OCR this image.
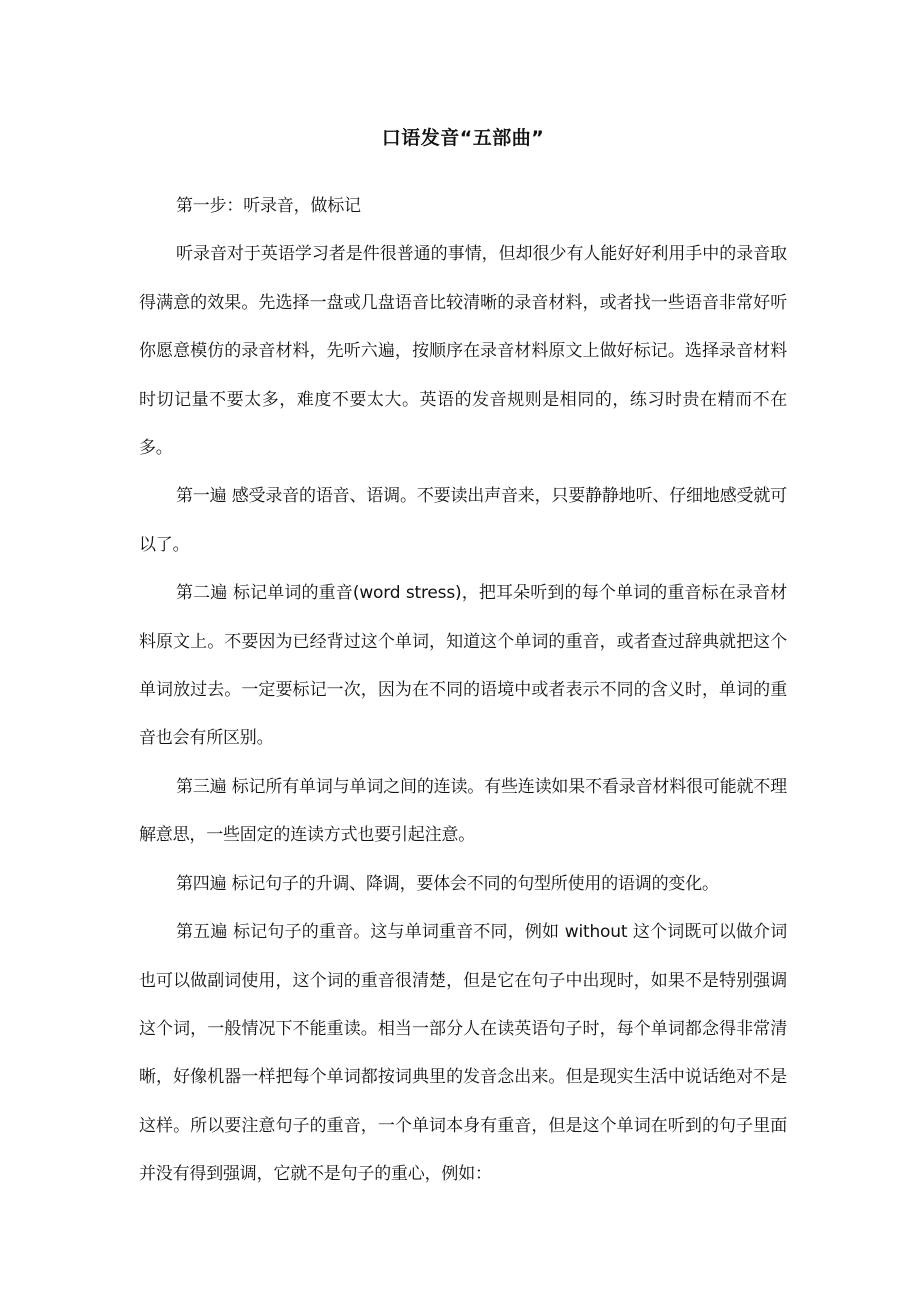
口语发音“五部曲”

第一步：听录音，做标记

听录音对于英语学习者是件很普通的事情，但却很少有人能好好利用手中的录音取得满意的效果。先选择一盘或几盘语音比较清晰的录音材料，或者找一些语音非常好听你愿意模仿的录音材料，先听六遍，按顺序在录音材料原文上做好标记。选择录音材料时切记量不要太多，难度不要太大。英语的发音规则是相同的，练习时贵在精而不在多。

第一遍 感受录音的语音、语调。不要读出声音来，只要静静地听、仔细地感受就可以了。

第二遍 标记单词的重音(word stress)，把耳朵听到的每个单词的重音标在录音材料原文上。不要因为已经背过这个单词，知道这个单词的重音，或者查过辞典就把这个单词放过去。一定要标记一次，因为在不同的语境中或者表示不同的含义时，单词的重音也会有所区别。

第三遍 标记所有单词与单词之间的连读。有些连读如果不看录音材料很可能就不理解意思，一些固定的连读方式也要引起注意。

第四遍 标记句子的升调、降调，要体会不同的句型所使用的语调的变化。

第五遍 标记句子的重音。这与单词重音不同，例如 without 这个词既可以做介词也可以做副词使用，这个词的重音很清楚，但是它在句子中出现时，如果不是特别强调这个词，一般情况下不能重读。相当一部分人在读英语句子时，每个单词都念得非常清晰，好像机器一样把每个单词都按词典里的发音念出来。但是现实生活中说话绝对不是这样。所以要注意句子的重音，一个单词本身有重音，但是这个单词在听到的句子里面并没有得到强调，它就不是句子的重心，例如：
